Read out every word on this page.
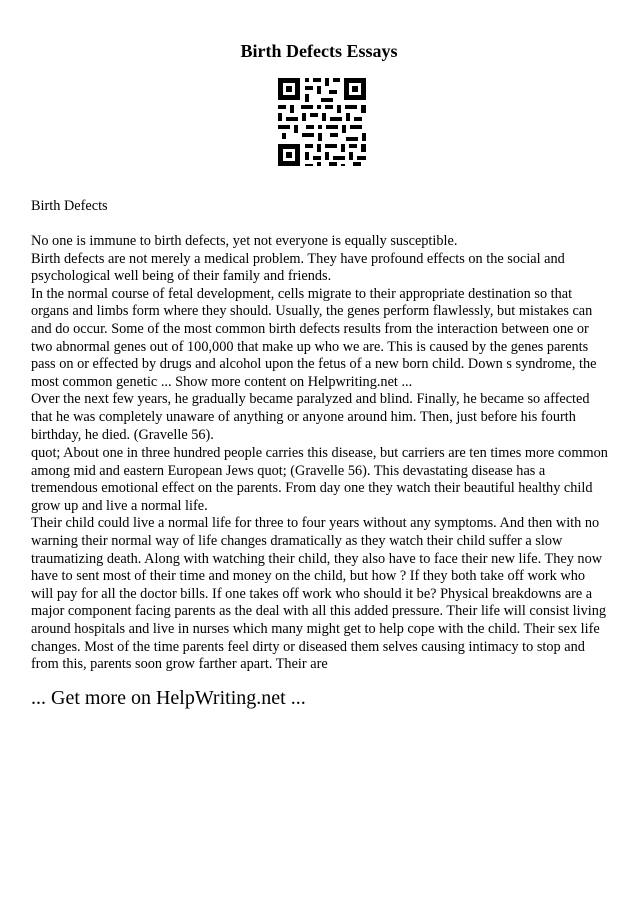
Birth Defects Essays

Birth Defects

No one is immune to birth defects, yet not everyone is equally susceptible.

Birth defects are not merely a medical problem. They have profound effects on the social and psychological well being of their family and friends.

In the normal course of fetal development, cells migrate to their appropriate destination so that organs and limbs form where they should. Usually, the genes perform flawlessly, but mistakes can and do occur. Some of the most common birth defects results from the interaction between one or two abnormal genes out of 100,000 that make up who we are. This is caused by the genes parents pass on or effected by drugs and alcohol upon the fetus of a new born child. Down s syndrome, the most common genetic ... Show more content on Helpwriting.net ...

Over the next few years, he gradually became paralyzed and blind. Finally, he became so affected that he was completely unaware of anything or anyone around him. Then, just before his fourth birthday, he died. (Gravelle 56).

quot; About one in three hundred people carries this disease, but carriers are ten times more common among mid and eastern European Jews quot; (Gravelle 56). This devastating disease has a tremendous emotional effect on the parents. From day one they watch their beautiful healthy child grow up and live a normal life.

Their child could live a normal life for three to four years without any symptoms. And then with no warning their normal way of life changes dramatically as they watch their child suffer a slow traumatizing death. Along with watching their child, they also have to face their new life. They now have to sent most of their time and money on the child, but how ? If they both take off work who will pay for all the doctor bills. If one takes off work who should it be? Physical breakdowns are a major component facing parents as the deal with all this added pressure. Their life will consist living around hospitals and live in nurses which many might get to help cope with the child. Their sex life changes. Most of the time parents feel dirty or diseased them selves causing intimacy to stop and from this, parents soon grow farther apart. Their are

... Get more on HelpWriting.net ...
